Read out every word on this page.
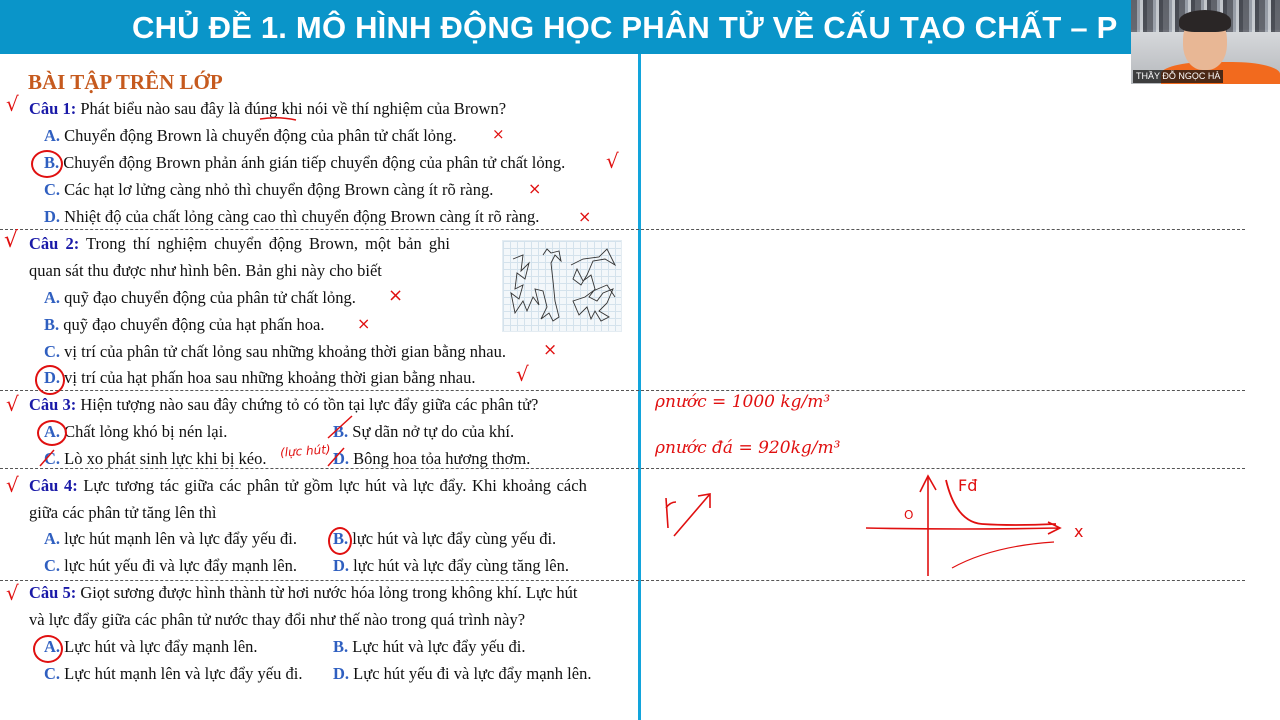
CHỦ ĐỀ 1. MÔ HÌNH ĐỘNG HỌC PHÂN TỬ VỀ CẤU TẠO CHẤT – P
THẦY ĐỖ NGỌC HÀ
BÀI TẬP TRÊN LỚP
Câu 1: Phát biểu nào sau đây là đúng khi nói về thí nghiệm của Brown?
A. Chuyển động Brown là chuyển động của phân tử chất lỏng.
B. Chuyển động Brown phản ánh gián tiếp chuyển động của phân tử chất lỏng.
C. Các hạt lơ lửng càng nhỏ thì chuyển động Brown càng ít rõ ràng.
D. Nhiệt độ của chất lỏng càng cao thì chuyển động Brown càng ít rõ ràng.
Câu 2: Trong thí nghiệm chuyển động Brown, một bản ghi
quan sát thu được như hình bên. Bản ghi này cho biết
A. quỹ đạo chuyển động của phân tử chất lỏng.
B. quỹ đạo chuyển động của hạt phấn hoa.
C. vị trí của phân tử chất lỏng sau những khoảng thời gian bằng nhau.
D. vị trí của hạt phấn hoa sau những khoảng thời gian bằng nhau.
Câu 3: Hiện tượng nào sau đây chứng tỏ có tồn tại lực đẩy giữa các phân tử?
A. Chất lỏng khó bị nén lại.	B. Sự dãn nở tự do của khí.
C. Lò xo phát sinh lực khi bị kéo.	D. Bông hoa tỏa hương thơm.
Câu 4: Lực tương tác giữa các phân tử gồm lực hút và lực đẩy. Khi khoảng cách
giữa các phân tử tăng lên thì
A. lực hút mạnh lên và lực đẩy yếu đi. B. lực hút và lực đẩy cùng yếu đi.
C. lực hút yếu đi và lực đẩy mạnh lên. D. lực hút và lực đẩy cùng tăng lên.
Câu 5: Giọt sương được hình thành từ hơi nước hóa lỏng trong không khí. Lực hút
và lực đẩy giữa các phân tử nước thay đổi như thế nào trong quá trình này?
A. Lực hút và lực đẩy mạnh lên.	B. Lực hút và lực đẩy yếu đi.
C. Lực hút mạnh lên và lực đẩy yếu đi. D. Lực hút yếu đi và lực đẩy mạnh lên.
√
√
√
√
√
×
√
×
×
×
×
×
√
(lực hút)
ρnước = 1000 kg/m³
ρnước đá = 920kg/m³
Fđ
x
O
